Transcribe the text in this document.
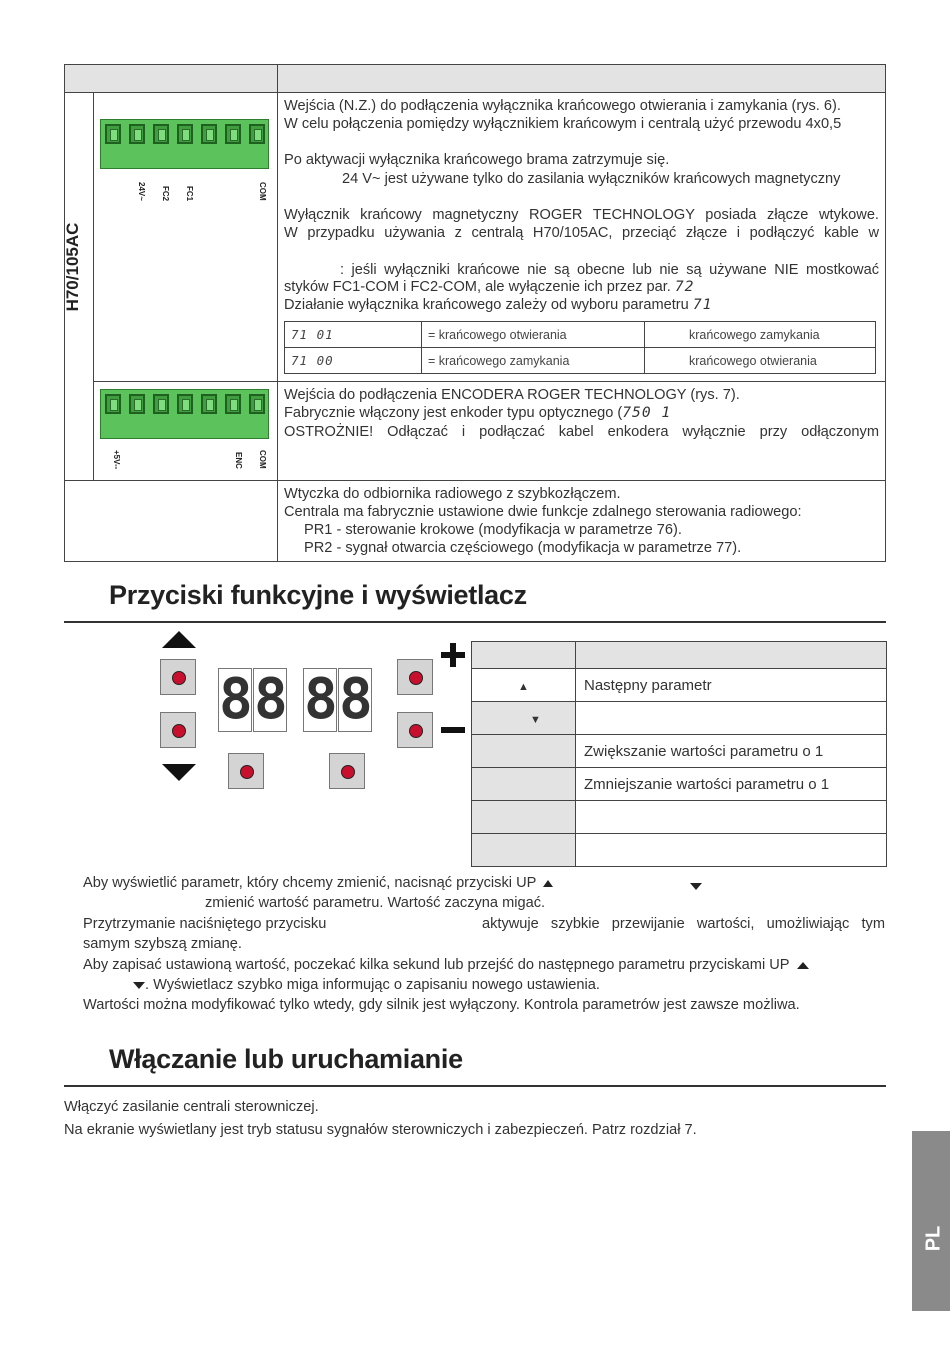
H70/105AC
24V~ FC2 FC1	COM
Wejścia (N.Z.) do podłączenia wyłącznika krańcowego otwierania i zamykania (rys. 6).
W celu połączenia pomiędzy wyłącznikiem krańcowym i centralą użyć przewodu 4x0,5
Po aktywacji wyłącznika krańcowego brama zatrzymuje się.
24 V~ jest używane tylko do zasilania wyłączników krańcowych magnetyczny
Wyłącznik krańcowy magnetyczny ROGER TECHNOLOGY posiada złącze wtykowe.
W przypadku używania z centralą H70/105AC, przeciąć złącze i podłączyć kable w
: jeśli wyłączniki krańcowe nie są obecne lub nie są używane NIE mostkować
styków FC1-COM i FC2-COM, ale wyłączenie ich przez par. 72
Działanie wyłącznika krańcowego zależy od wyboru parametru 71
71 01	= krańcowego otwierania	krańcowego zamykania
71 00	= krańcowego zamykania	krańcowego otwierania
+5V--	ENC COM
Wejścia do podłączenia ENCODERA ROGER TECHNOLOGY (rys. 7).
Fabrycznie włączony jest enkoder typu optycznego (750 1
OSTROŻNIE! Odłączać i podłączać kabel enkodera wyłącznie przy odłączonym
Wtyczka do odbiornika radiowego z szybkozłączem.
Centrala ma fabrycznie ustawione dwie funkcje zdalnego sterowania radiowego:
PR1 - sterowanie krokowe (modyfikacja w parametrze 76).
PR2 - sygnał otwarcia częściowego (modyfikacja w parametrze 77).
Przyciski funkcyjne i wyświetlacz
8 8 8 8
		▲	Następny parametr
▼	
	Zwiększanie wartości parametru o 1
	Zmniejszanie wartości parametru o 1

Aby wyświetlić parametr, który chcemy zmienić, nacisnąć przyciski UP
zmienić wartość parametru. Wartość zaczyna migać.
Przytrzymanie naciśniętego przycisku	aktywuje szybkie przewijanie wartości, umożliwiając tym
samym szybszą zmianę.
Aby zapisać ustawioną wartość, poczekać kilka sekund lub przejść do następnego parametru przyciskami UP
. Wyświetlacz szybko miga informując o zapisaniu nowego ustawienia.
Wartości można modyfikować tylko wtedy, gdy silnik jest wyłączony. Kontrola parametrów jest zawsze możliwa.
Włączanie lub uruchamianie
Włączyć zasilanie centrali sterowniczej.
Na ekranie wyświetlany jest tryb statusu sygnałów sterowniczych i zabezpieczeń. Patrz rozdział 7.
PL
